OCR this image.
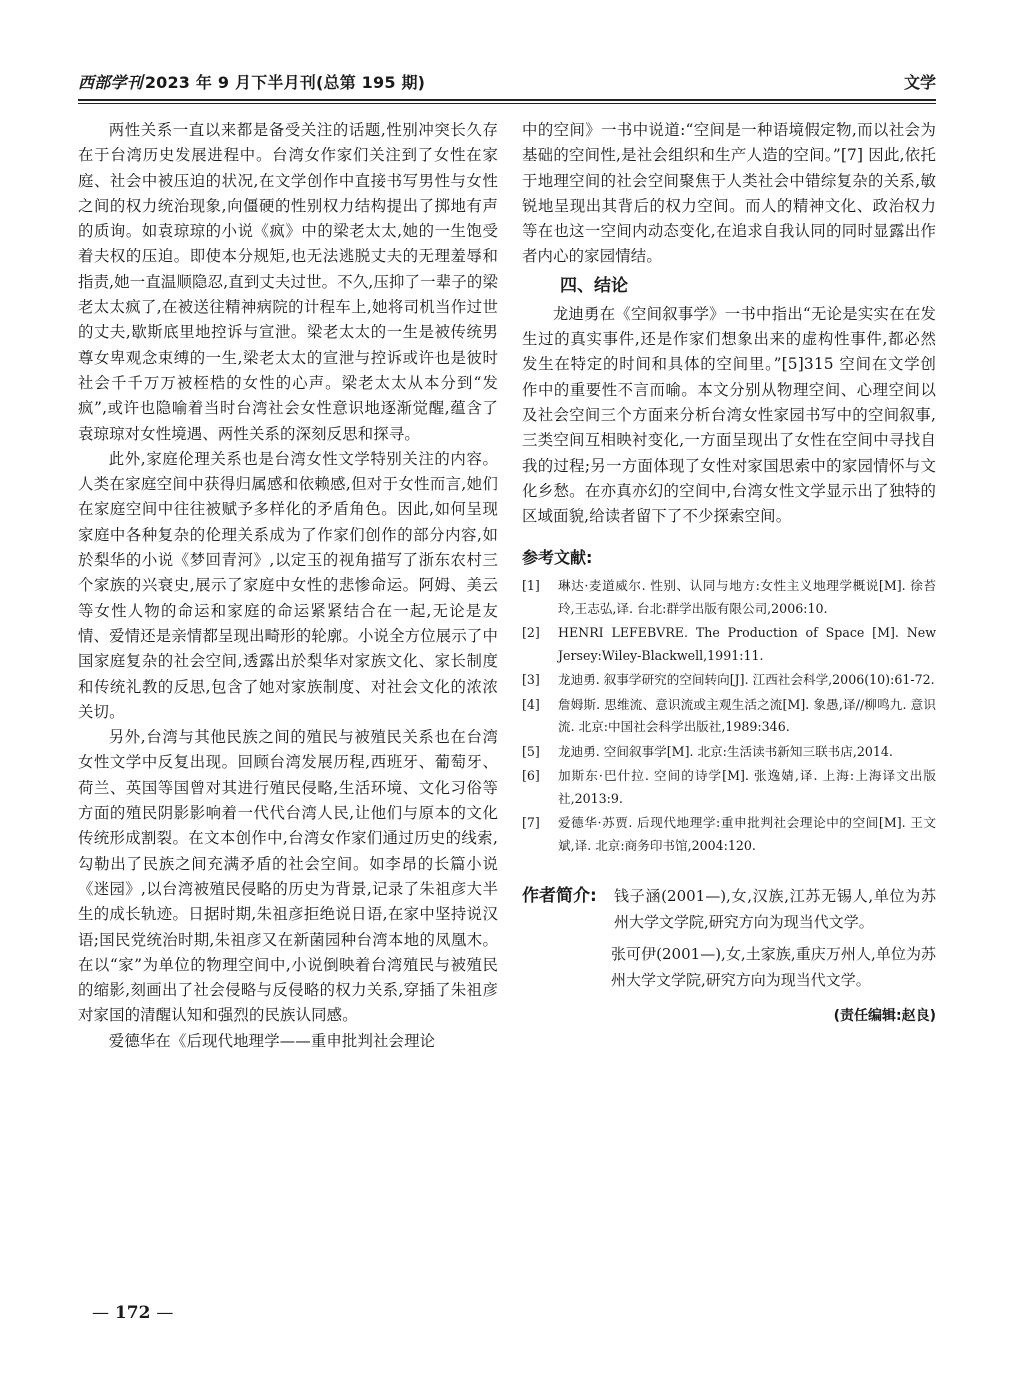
西部学刊 2023 年 9 月下半月刊(总第 195 期)	文学

两性关系一直以来都是备受关注的话题,性别冲突长久存在于台湾历史发展进程中。台湾女作家们关注到了女性在家庭、社会中被压迫的状况,在文学创作中直接书写男性与女性之间的权力统治现象,向僵硬的性别权力结构提出了掷地有声的质询。如袁琼琼的小说《疯》中的梁老太太,她的一生饱受着夫权的压迫。即使本分规矩,也无法逃脱丈夫的无理羞辱和指责,她一直温顺隐忍,直到丈夫过世。不久,压抑了一辈子的梁老太太疯了,在被送往精神病院的计程车上,她将司机当作过世的丈夫,歇斯底里地控诉与宣泄。梁老太太的一生是被传统男尊女卑观念束缚的一生,梁老太太的宣泄与控诉或许也是彼时社会千千万万被桎梏的女性的心声。梁老太太从本分到“发疯”,或许也隐喻着当时台湾社会女性意识地逐渐觉醒,蕴含了袁琼琼对女性境遇、两性关系的深刻反思和探寻。

此外,家庭伦理关系也是台湾女性文学特别关注的内容。人类在家庭空间中获得归属感和依赖感,但对于女性而言,她们在家庭空间中往往被赋予多样化的矛盾角色。因此,如何呈现家庭中各种复杂的伦理关系成为了作家们创作的部分内容,如於梨华的小说《梦回青河》,以定玉的视角描写了浙东农村三个家族的兴衰史,展示了家庭中女性的悲惨命运。阿姆、美云等女性人物的命运和家庭的命运紧紧结合在一起,无论是友情、爱情还是亲情都呈现出畸形的轮廓。小说全方位展示了中国家庭复杂的社会空间,透露出於梨华对家族文化、家长制度和传统礼教的反思,包含了她对家族制度、对社会文化的浓浓关切。

另外,台湾与其他民族之间的殖民与被殖民关系也在台湾女性文学中反复出现。回顾台湾发展历程,西班牙、葡萄牙、荷兰、英国等国曾对其进行殖民侵略,生活环境、文化习俗等方面的殖民阴影影响着一代代台湾人民,让他们与原本的文化传统形成割裂。在文本创作中,台湾女作家们通过历史的线索,勾勒出了民族之间充满矛盾的社会空间。如李昂的长篇小说《迷园》,以台湾被殖民侵略的历史为背景,记录了朱祖彦大半生的成长轨迹。日据时期,朱祖彦拒绝说日语,在家中坚持说汉语;国民党统治时期,朱祖彦又在新菌园种台湾本地的凤凰木。在以“家”为单位的物理空间中,小说倒映着台湾殖民与被殖民的缩影,刻画出了社会侵略与反侵略的权力关系,穿插了朱祖彦对家国的清醒认知和强烈的民族认同感。

爱德华在《后现代地理学——重申批判社会理论

中的空间》一书中说道:“空间是一种语境假定物,而以社会为基础的空间性,是社会组织和生产人造的空间。”[7] 因此,依托于地理空间的社会空间聚焦于人类社会中错综复杂的关系,敏锐地呈现出其背后的权力空间。而人的精神文化、政治权力等在也这一空间内动态变化,在追求自我认同的同时显露出作者内心的家园情结。

四、结论

龙迪勇在《空间叙事学》一书中指出“无论是实实在在发生过的真实事件,还是作家们想象出来的虚构性事件,都必然发生在特定的时间和具体的空间里。”[5]315 空间在文学创作中的重要性不言而喻。本文分别从物理空间、心理空间以及社会空间三个方面来分析台湾女性家园书写中的空间叙事,三类空间互相映衬变化,一方面呈现出了女性在空间中寻找自我的过程;另一方面体现了女性对家国思索中的家园情怀与文化乡愁。在亦真亦幻的空间中,台湾女性文学显示出了独特的区域面貌,给读者留下了不少探索空间。

参考文献:
[1] 琳达·麦道威尔. 性别、认同与地方:女性主义地理学概说[M]. 徐苔玲,王志弘,译. 台北:群学出版有限公司,2006:10.
[2] HENRI LEFEBVRE. The Production of Space [M]. New Jersey:Wiley-Blackwell,1991:11.
[3] 龙迪勇. 叙事学研究的空间转向[J]. 江西社会科学,2006(10):61-72.
[4] 詹姆斯. 思维流、意识流或主观生活之流[M]. 象愚,译//柳鸣九. 意识流. 北京:中国社会科学出版社,1989:346.
[5] 龙迪勇. 空间叙事学[M]. 北京:生活读书新知三联书店,2014.
[6] 加斯东·巴什拉. 空间的诗学[M]. 张逸婧,译. 上海:上海译文出版社,2013:9.
[7] 爱德华·苏贾. 后现代地理学:重申批判社会理论中的空间[M]. 王文斌,译. 北京:商务印书馆,2004:120.
作者简介: 钱子涵(2001—),女,汉族,江苏无锡人,单位为苏州大学文学院,研究方向为现当代文学。
张可伊(2001—),女,土家族,重庆万州人,单位为苏州大学文学院,研究方向为现当代文学。
(责任编辑:赵良)
— 172 —
